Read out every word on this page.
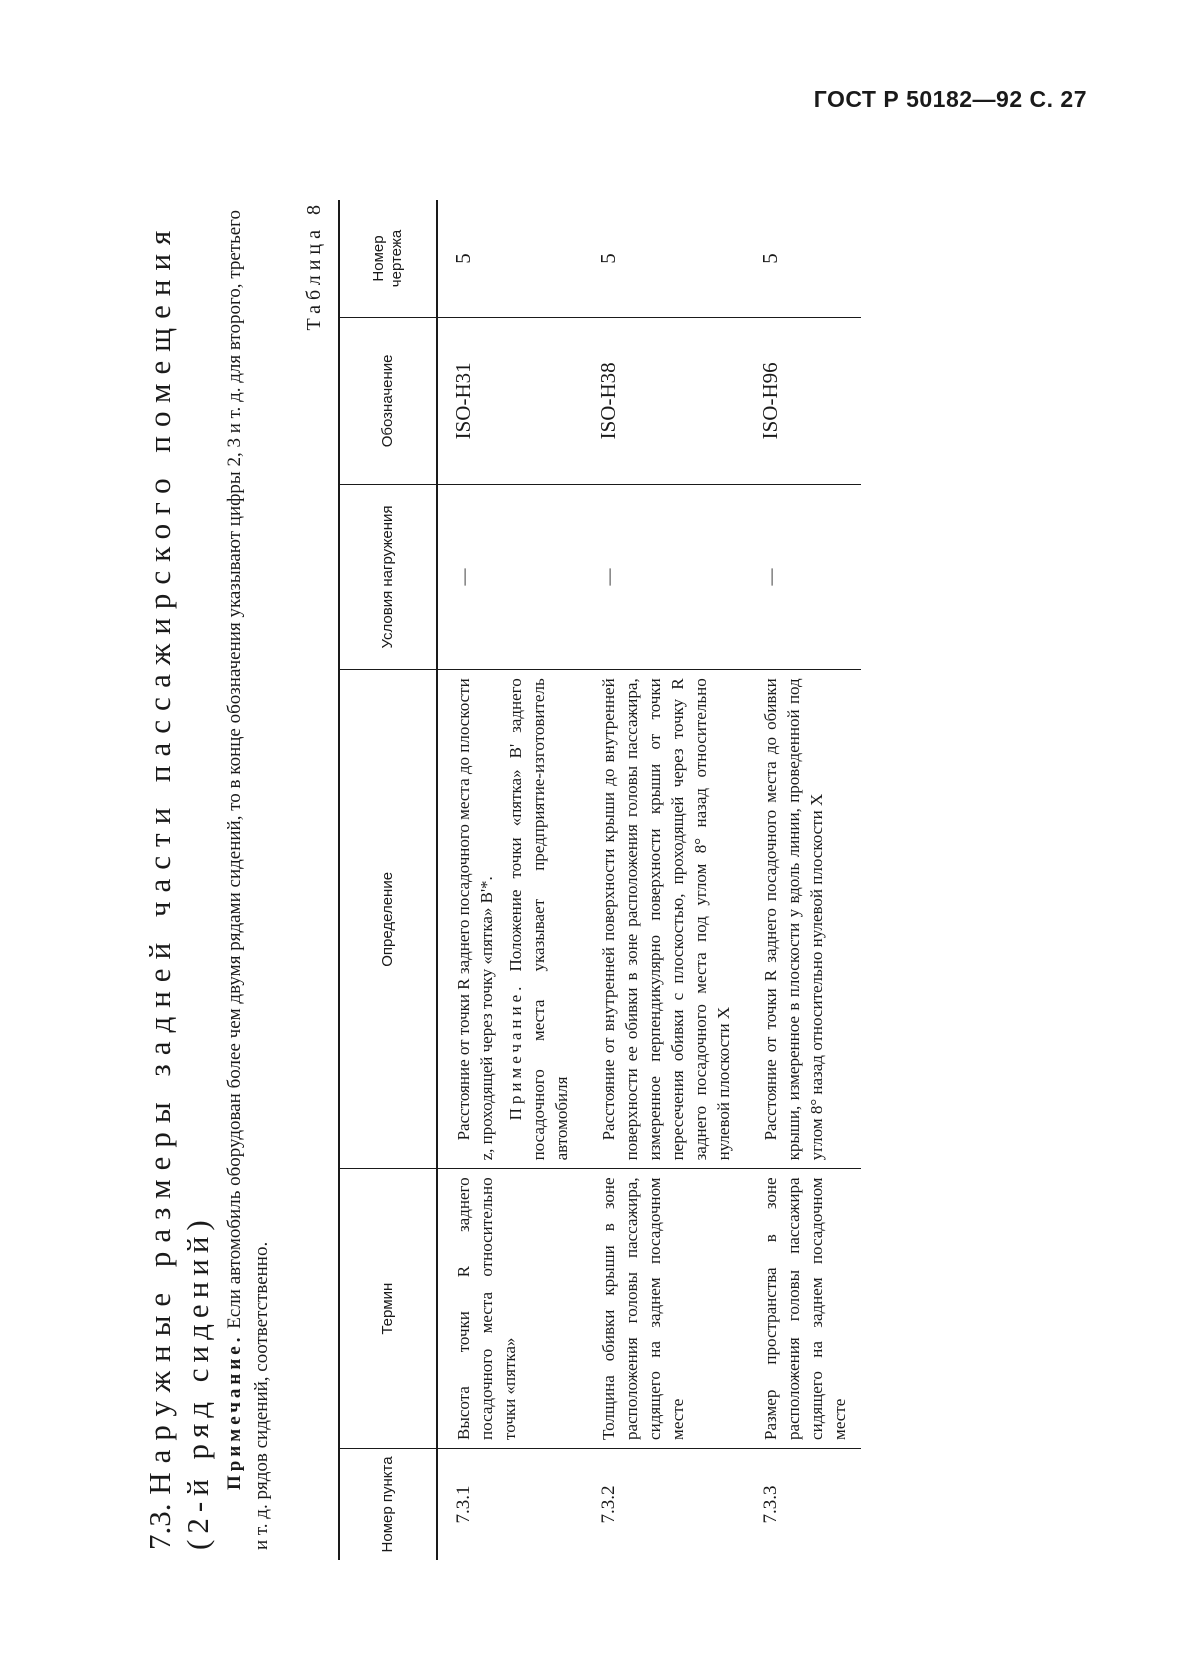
ГОСТ Р 50182—92 С. 27
7.3. Наружные размеры задней части пассажирского помещения
(2-й ряд сидений) Примечание. Если автомобиль оборудован более чем двумя рядами сидений, то в конце обозначения указывают цифры 2, 3 и т. д. для второго, третьего и т. д. рядов сидений, соответственно.
Таблица 8
Номер пункта	Термин	Определение	Условия нагружения	Обозначение	Номер чертежа
7.3.1	Высота точки R заднего посадочного места относительно точки «пятка»	Расстояние от точки R заднего посадочного места до плоскости z, проходящей через точку «пятка» В'*. Примечание. Положение точки «пятка» В' заднего посадочного места указывает предприятие-изготовитель автомобиля	—	ISO-H31	5
7.3.2	Толщина обивки крыши в зоне расположения головы пассажира, сидящего на заднем посадочном месте	Расстояние от внутренней поверхности крыши до внутренней поверхности ее обивки в зоне расположения головы пассажира, измеренное перпендикулярно поверхности крыши от точки пересечения обивки с плоскостью, проходящей через точку R заднего посадочного места под углом 8° назад относительно нулевой плоскости X	—	ISO-H38	5
7.3.3	Размер пространства в зоне расположения головы пассажира сидящего на заднем посадочном месте	Расстояние от точки R заднего посадочного места до обивки крыши, измеренное в плоскости y вдоль линии, проведенной под углом 8° назад относительно нулевой плоскости X	—	ISO-H96	5
